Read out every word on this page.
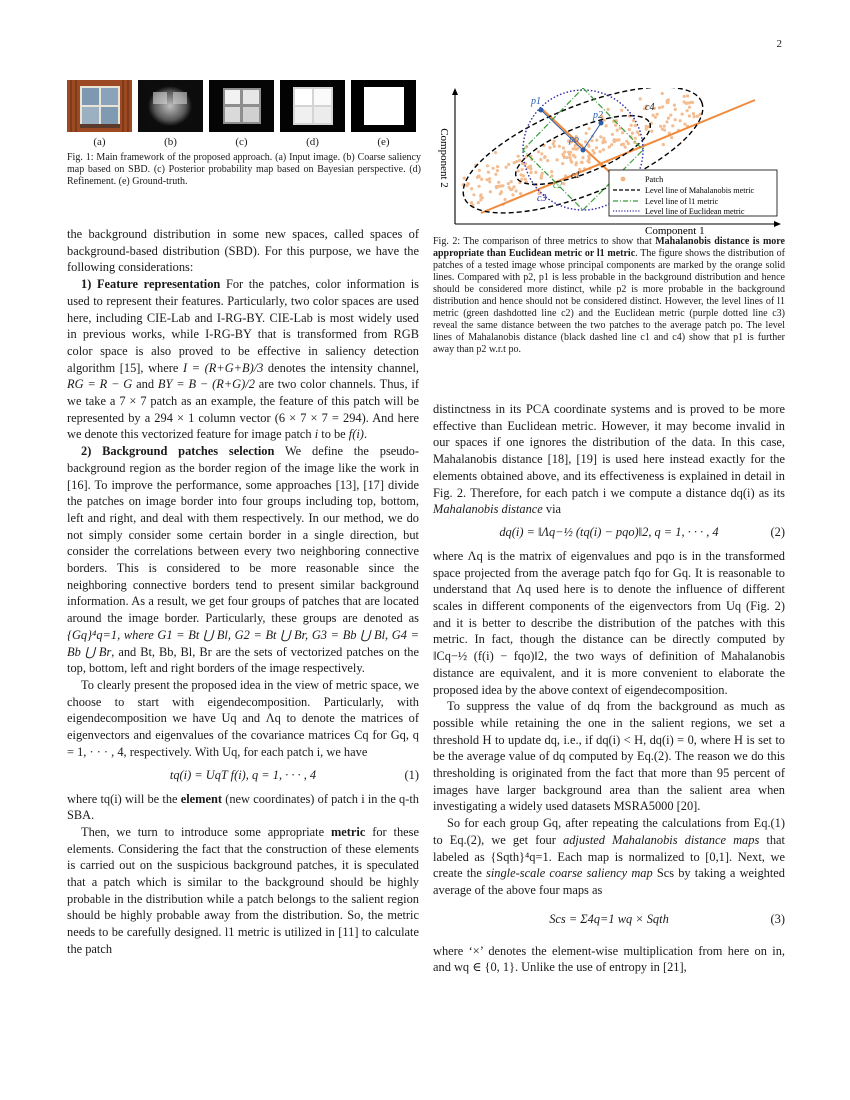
2
(a)	(b)	(c)	(d)	(e)
Fig. 1: Main framework of the proposed approach. (a) Input image. (b) Coarse saliency map based on SBD. (c) Posterior probability map based on Bayesian perspective. (d) Refinement. (e) Ground-truth.	Component 2
p1
p2
po
c1
c2
c3
c4
Patch
Level line of Mahalanobis metric
Level line of l1 metric
Level line of Euclidean metric
Component 1
Fig. 2: The comparison of three metrics to show that Mahalanobis distance is more appropriate than Euclidean metric or l1 metric. The figure shows the distribution of patches of a tested image whose principal components are marked by the orange solid lines. Compared with p2, p1 is less probable in the background distribution and hence should be considered more distinct, while p2 is more probable in the background distribution and hence should not be considered distinct. However, the level lines of l1 metric (green dashdotted line c2) and the Euclidean metric (purple dotted line c3) reveal the same distance between the two patches to the average patch po. The level lines of Mahalanobis distance (black dashed line c1 and c4) show that p1 is further away than p2 w.r.t po.

the background distribution in some new spaces, called spaces of background-based distribution (SBD). For this purpose, we have the following considerations:

1) Feature representation For the patches, color information is used to represent their features. Particularly, two color spaces are used here, including CIE-Lab and I-RG-BY. CIE-Lab is most widely used in previous works, while I-RG-BY that is transformed from RGB color space is also proved to be effective in saliency detection algorithm [15], where I = (R+G+B)/3 denotes the intensity channel, RG = R − G and BY = B − (R+G)/2 are two color channels. Thus, if we take a 7 × 7 patch as an example, the feature of this patch will be represented by a 294 × 1 column vector (6 × 7 × 7 = 294). And here we denote this vectorized feature for image patch i to be f(i).

2) Background patches selection We define the pseudo-background region as the border region of the image like the work in [16]. To improve the performance, some approaches [13], [17] divide the patches on image border into four groups including top, bottom, left and right, and deal with them respectively. In our method, we do not simply consider some certain border in a single direction, but consider the correlations between every two neighboring connective borders. This is considered to be more reasonable since the neighboring connective borders tend to present similar background information. As a result, we get four groups of patches that are located around the image border. Particularly, these groups are denoted as {Gq}⁴q=1, where G1 = Bt ⋃ Bl, G2 = Bt ⋃ Br, G3 = Bb ⋃ Bl, G4 = Bb ⋃ Br, and Bt, Bb, Bl, Br are the sets of vectorized patches on the top, bottom, left and right borders of the image respectively.

To clearly present the proposed idea in the view of metric space, we choose to start with eigendecomposition. Particularly, with eigendecomposition we have Uq and Λq to denote the matrices of eigenvectors and eigenvalues of the covariance matrices Cq for Gq, q = 1, · · · , 4, respectively. With Uq, for each patch i, we have

tq(i) = UqT f(i), q = 1, · · · , 4	(1)

where tq(i) will be the element (new coordinates) of patch i in the q-th SBA.

Then, we turn to introduce some appropriate metric for these elements. Considering the fact that the construction of these elements is carried out on the suspicious background patches, it is speculated that a patch which is similar to the background should be highly probable in the distribution while a patch belongs to the salient region should be highly probable away from the distribution. So, the metric needs to be carefully designed. l1 metric is utilized in [11] to calculate the patch

distinctness in its PCA coordinate systems and is proved to be more effective than Euclidean metric. However, it may become invalid in our spaces if one ignores the distribution of the data. In this case, Mahalanobis distance [18], [19] is used here instead exactly for the elements obtained above, and its effectiveness is explained in detail in Fig. 2. Therefore, for each patch i we compute a distance dq(i) as its Mahalanobis distance via

dq(i) = ‖Λq−½ (tq(i) − pqo)‖2, q = 1, · · · , 4	(2)

where Λq is the matrix of eigenvalues and pqo is in the transformed space projected from the average patch fqo for Gq. It is reasonable to understand that Λq used here is to denote the influence of different scales in different components of the eigenvectors from Uq (Fig. 2) and it is better to describe the distribution of the patches with this metric. In fact, though the distance can be directly computed by ‖Cq−½ (f(i) − fqo)‖2, the two ways of definition of Mahalanobis distance are equivalent, and it is more convenient to elaborate the proposed idea by the above context of eigendecomposition.

To suppress the value of dq from the background as much as possible while retaining the one in the salient regions, we set a threshold H to update dq, i.e., if dq(i) < H, dq(i) = 0, where H is set to be the average value of dq computed by Eq.(2). The reason we do this thresholding is originated from the fact that more than 95 percent of images have larger background area than the salient area when investigating a widely used datasets MSRA5000 [20].

So for each group Gq, after repeating the calculations from Eq.(1) to Eq.(2), we get four adjusted Mahalanobis distance maps that labeled as {Sqth}⁴q=1. Each map is normalized to [0,1]. Next, we create the single-scale coarse saliency map Scs by taking a weighted average of the above four maps as

Scs = Σ4q=1 wq × Sqth	(3)

where ‘×’ denotes the element-wise multiplication from here on in, and wq ∈ {0, 1}. Unlike the use of entropy in [21],
